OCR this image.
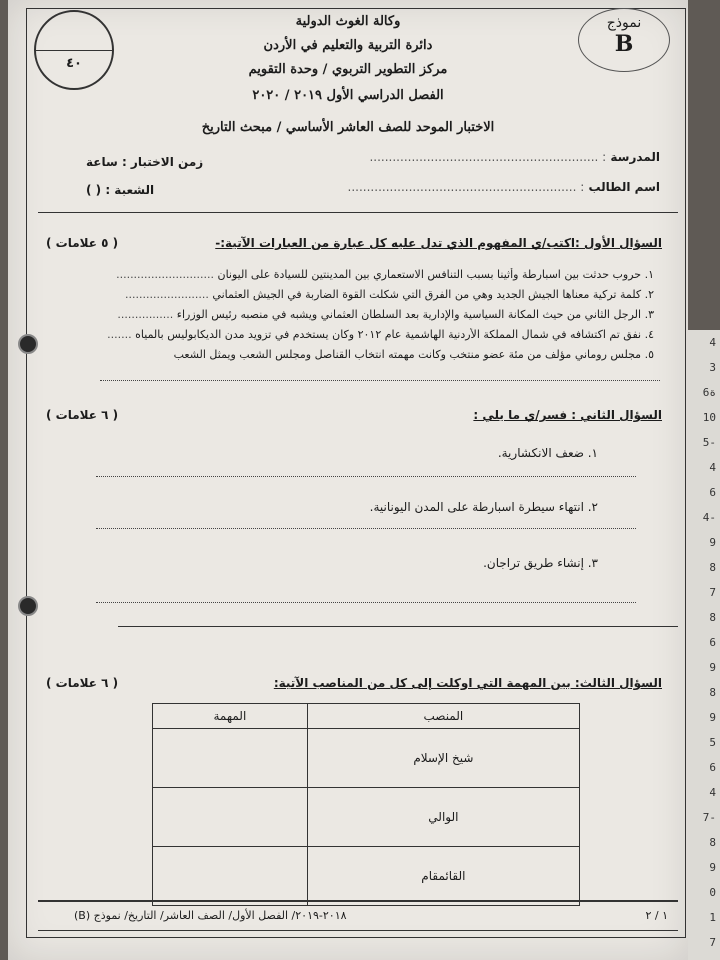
4
3
ة6
10
5-
4
6
4-
9
8
7
8
6
9
8
9
5
6
4
7-
8
9
0
1
7
٤٠
نموذج
B
وكالة الغوث الدولية
دائرة التربية والتعليم في الأردن
مركز التطوير التربوي / وحدة التقويم
الفصل الدراسي الأول ٢٠١٩ / ٢٠٢٠
الاختبار الموحد للصف العاشر الأساسي / مبحث التاريخ
المدرسة : ............................................................
اسم الطالب : ............................................................
زمن الاختبار : ساعة
الشعبة : ( )
السؤال الأول :اكتب/ي المفهوم الذي تدل عليه كل عبارة من العبارات الآتية:-
( ٥ علامات )
١. حروب حدثت بين اسبارطة وأثينا بسبب التنافس الاستعماري بين المدينتين للسيادة على اليونان ............................
٢. كلمة تركية معناها الجيش الجديد وهي من الفرق التي شكلت القوة الضاربة في الجيش العثماني ........................
٣. الرجل الثاني من حيث المكانة السياسية والإدارية بعد السلطان العثماني ويشبه في منصبه رئيس الوزراء ................
٤. نفق تم اكتشافه في شمال المملكة الأردنية الهاشمية عام ٢٠١٢ وكان يستخدم في تزويد مدن الديكابوليس بالمياه .......
٥. مجلس روماني مؤلف من مئة عضو منتخب وكانت مهمته انتخاب القناصل ومجلس الشعب ويمثل الشعب
السؤال الثاني : فسر/ي ما يلي :
( ٦ علامات )
١. ضعف الانكشارية.
٢. انتهاء سيطرة اسبارطة على المدن اليونانية.
٣. إنشاء طريق تراجان.
السؤال الثالث: بين المهمة التي اوكلت إلى كل من المناصب الآتية:
( ٦ علامات )
المنصب	المهمة
شيخ الإسلام	
الوالي	
القائمقام	
٢٠١٨-٢٠١٩/ الفصل الأول/ الصف العاشر/ التاريخ/ نموذج (B)	١ / ٢
